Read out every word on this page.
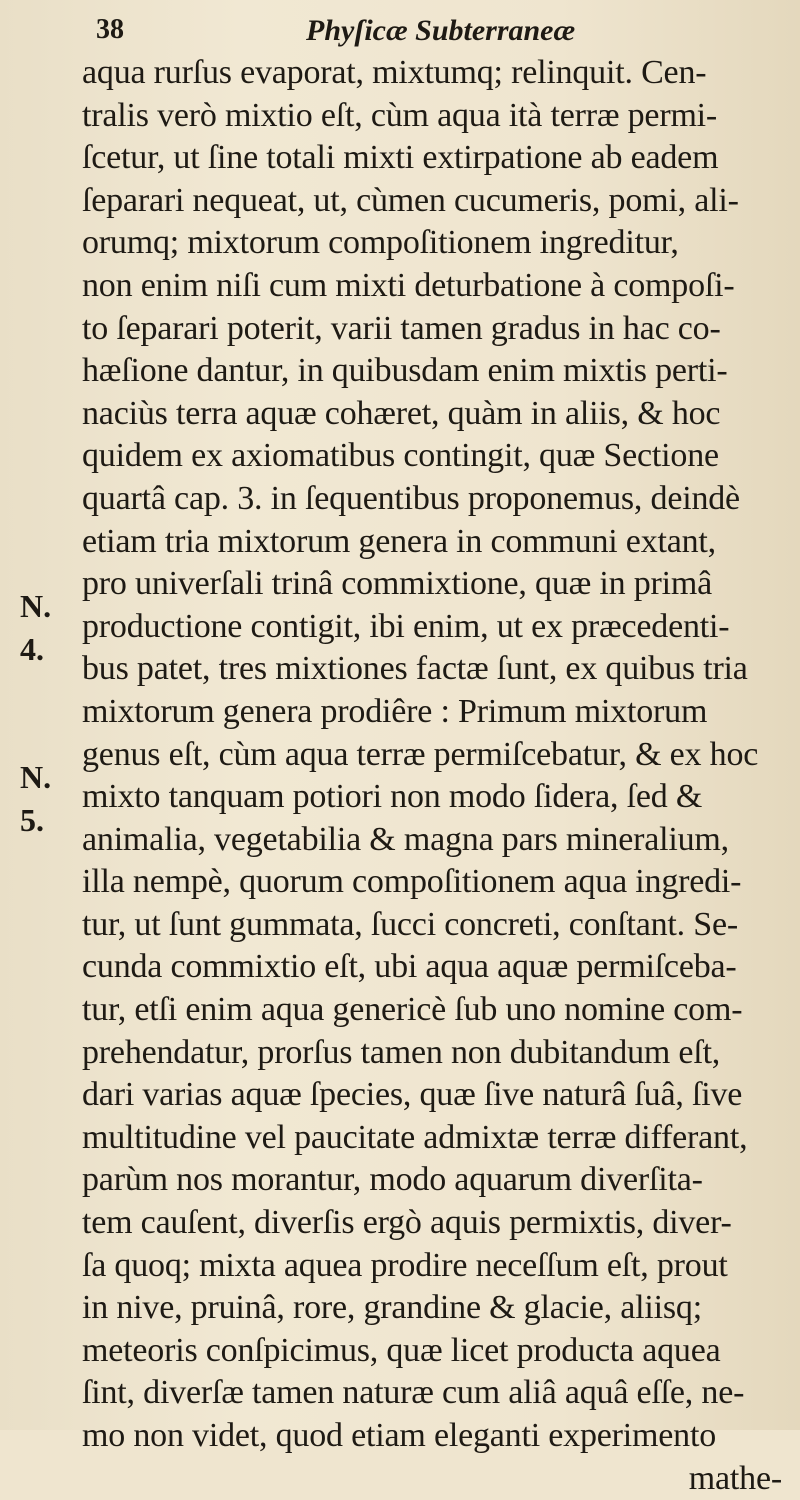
38	Phyſicæ Subterraneæ
N.
4.
N.
5.
aqua rurſus evaporat, mixtumq; relinquit. Cen-
tralis verò mixtio eſt, cùm aqua ità terræ permi-
ſcetur, ut ſine totali mixti extirpatione ab eadem
ſeparari nequeat, ut, cùmen cucumeris, pomi, ali-
orumq; mixtorum compoſitionem ingreditur,
non enim niſi cum mixti deturbatione à compoſi-
to ſeparari poterit, varii tamen gradus in hac co-
hæſione dantur, in quibusdam enim mixtis perti-
naciùs terra aquæ cohæret, quàm in aliis, & hoc
quidem ex axiomatibus contingit, quæ Sectione
quartâ cap. 3. in ſequentibus proponemus, deindè
etiam tria mixtorum genera in communi extant,
pro univerſali trinâ commixtione, quæ in primâ
productione contigit, ibi enim, ut ex præcedenti-
bus patet, tres mixtiones factæ ſunt, ex quibus tria
mixtorum genera prodiêre : Primum mixtorum
genus eſt, cùm aqua terræ permiſcebatur, & ex hoc
mixto tanquam potiori non modo ſidera, ſed &
animalia, vegetabilia & magna pars mineralium,
illa nempè, quorum compoſitionem aqua ingredi-
tur, ut ſunt gummata, ſucci concreti, conſtant. Se-
cunda commixtio eſt, ubi aqua aquæ permiſceba-
tur, etſi enim aqua genericè ſub uno nomine com-
prehendatur, prorſus tamen non dubitandum eſt,
dari varias aquæ ſpecies, quæ ſive naturâ ſuâ, ſive
multitudine vel paucitate admixtæ terræ differant,
parùm nos morantur, modo aquarum diverſita-
tem cauſent, diverſis ergò aquis permixtis, diver-
ſa quoq; mixta aquea prodire neceſſum eſt, prout
in nive, pruinâ, rore, grandine & glacie, aliisq;
meteoris conſpicimus, quæ licet producta aquea
ſint, diverſæ tamen naturæ cum aliâ aquâ eſſe, ne-
mo non videt, quod etiam eleganti experimento
mathe-
